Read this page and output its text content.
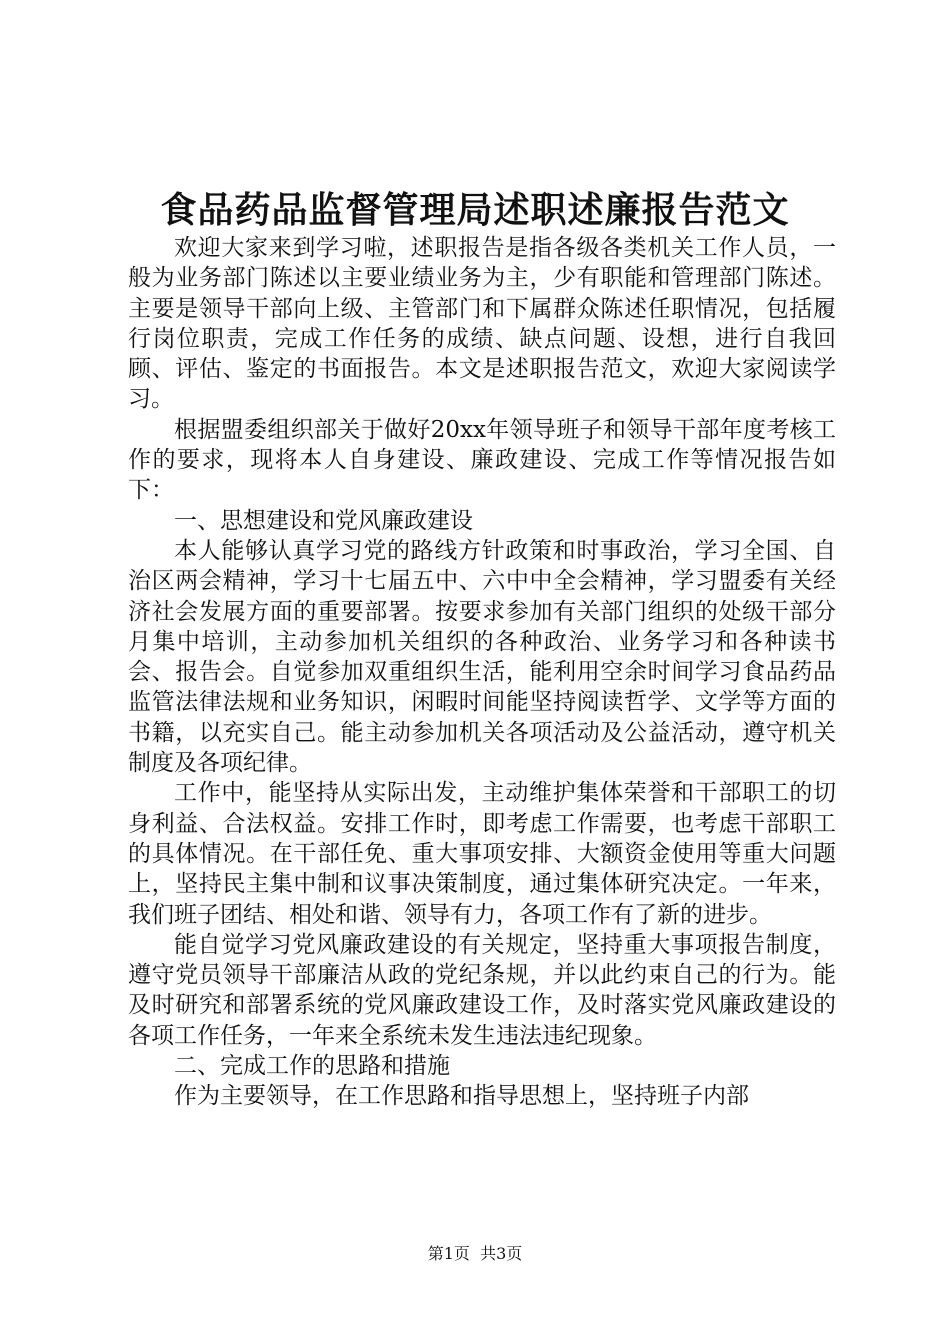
食品药品监督管理局述职述廉报告范文

欢迎大家来到学习啦，述职报告是指各级各类机关工作人员，一般为业务部门陈述以主要业绩业务为主，少有职能和管理部门陈述。主要是领导干部向上级、主管部门和下属群众陈述任职情况，包括履行岗位职责，完成工作任务的成绩、缺点问题、设想，进行自我回顾、评估、鉴定的书面报告。本文是述职报告范文，欢迎大家阅读学习。

根据盟委组织部关于做好20xx年领导班子和领导干部年度考核工作的要求，现将本人自身建设、廉政建设、完成工作等情况报告如下：

一、思想建设和党风廉政建设

本人能够认真学习党的路线方针政策和时事政治，学习全国、自治区两会精神，学习十七届五中、六中中全会精神，学习盟委有关经济社会发展方面的重要部署。按要求参加有关部门组织的处级干部分月集中培训，主动参加机关组织的各种政治、业务学习和各种读书会、报告会。自觉参加双重组织生活，能利用空余时间学习食品药品监管法律法规和业务知识，闲暇时间能坚持阅读哲学、文学等方面的书籍，以充实自己。能主动参加机关各项活动及公益活动，遵守机关制度及各项纪律。

工作中，能坚持从实际出发，主动维护集体荣誉和干部职工的切身利益、合法权益。安排工作时，即考虑工作需要，也考虑干部职工的具体情况。在干部任免、重大事项安排、大额资金使用等重大问题上，坚持民主集中制和议事决策制度，通过集体研究决定。一年来，我们班子团结、相处和谐、领导有力，各项工作有了新的进步。

能自觉学习党风廉政建设的有关规定，坚持重大事项报告制度，遵守党员领导干部廉洁从政的党纪条规，并以此约束自己的行为。能及时研究和部署系统的党风廉政建设工作，及时落实党风廉政建设的各项工作任务，一年来全系统未发生违法违纪现象。

二、完成工作的思路和措施

作为主要领导，在工作思路和指导思想上，坚持班子内部

第1页 共3页
